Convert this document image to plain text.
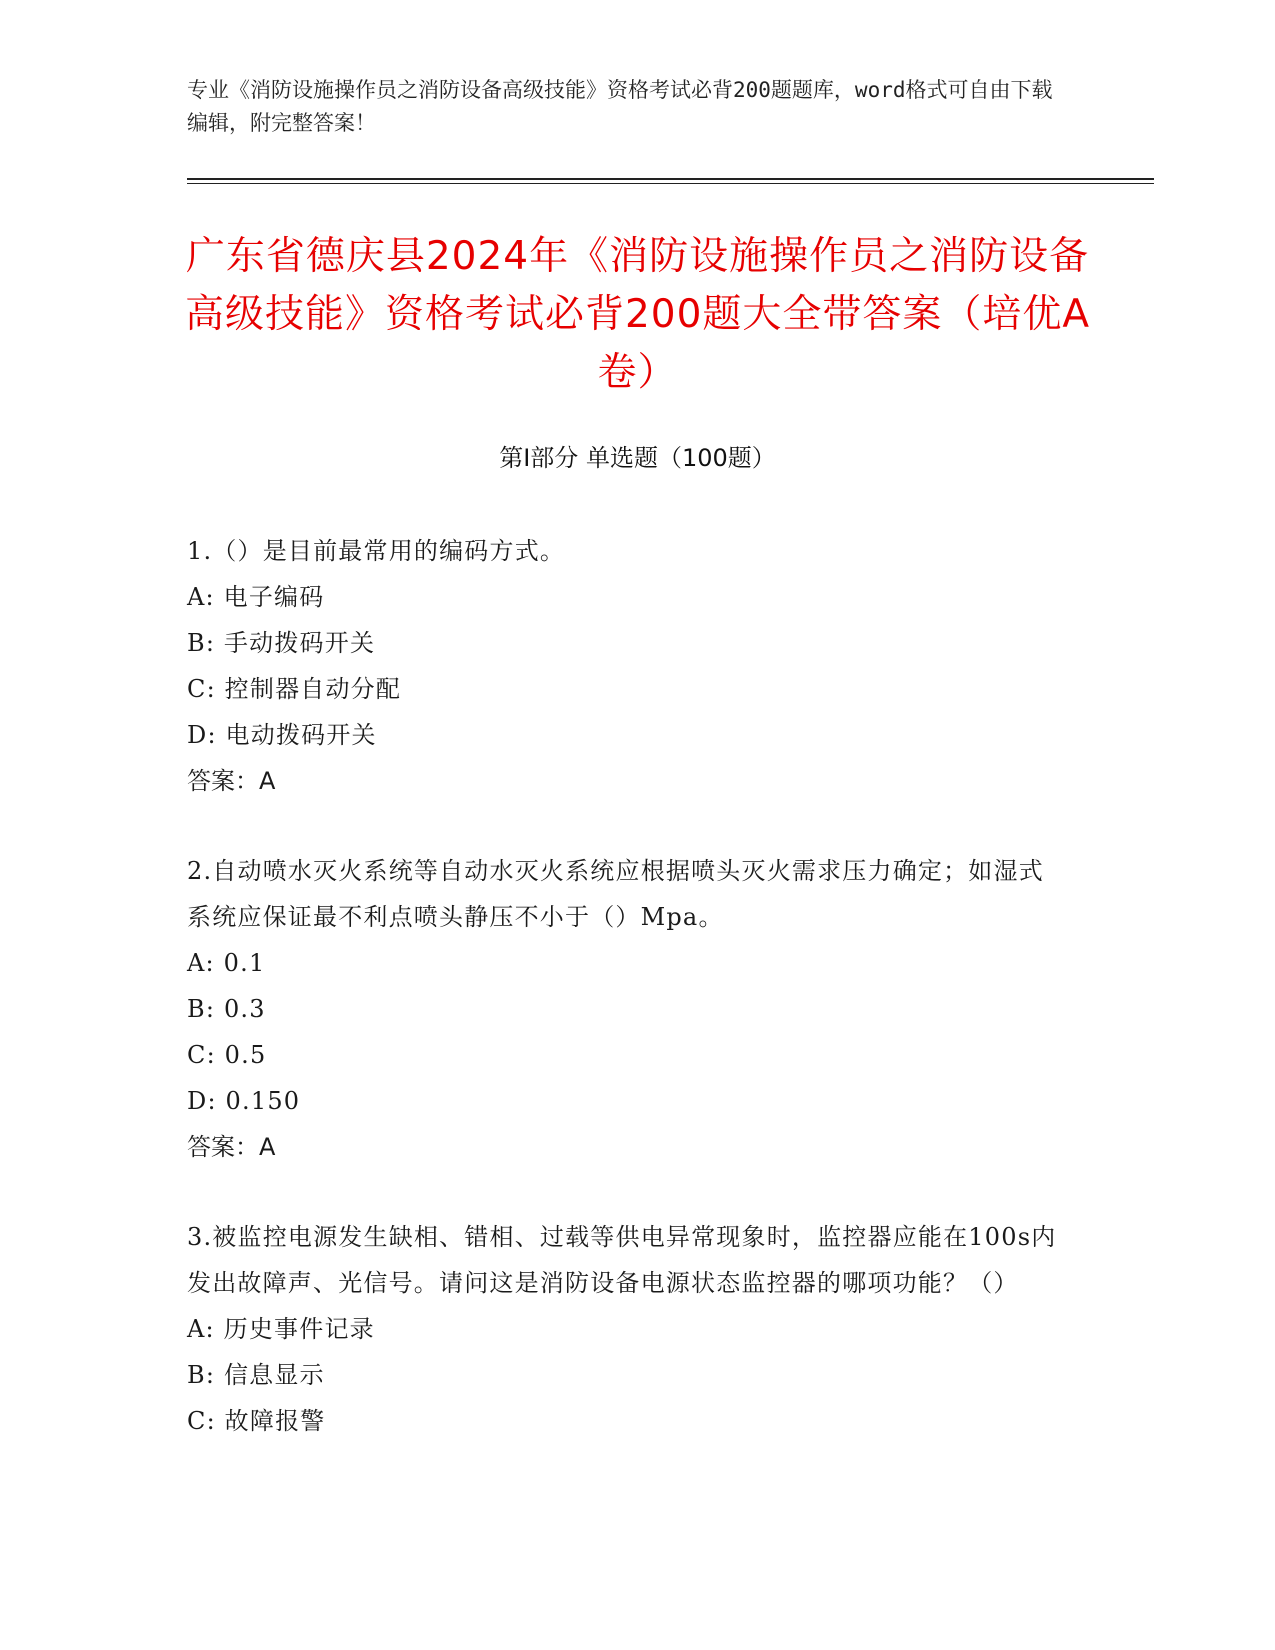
专业《消防设施操作员之消防设备高级技能》资格考试必背200题题库，word格式可自由下载编辑，附完整答案！
广东省德庆县2024年《消防设施操作员之消防设备高级技能》资格考试必背200题大全带答案（培优A卷）
第I部分 单选题（100题）
1.（）是目前最常用的编码方式。
A: 电子编码
B: 手动拨码开关
C: 控制器自动分配
D: 电动拨码开关
答案：A
2.自动喷水灭火系统等自动水灭火系统应根据喷头灭火需求压力确定；如湿式系统应保证最不利点喷头静压不小于（）Mpa。
A: 0.1
B: 0.3
C: 0.5
D: 0.150
答案：A
3.被监控电源发生缺相、错相、过载等供电异常现象时，监控器应能在100s内发出故障声、光信号。请问这是消防设备电源状态监控器的哪项功能？（）
A: 历史事件记录
B: 信息显示
C: 故障报警
